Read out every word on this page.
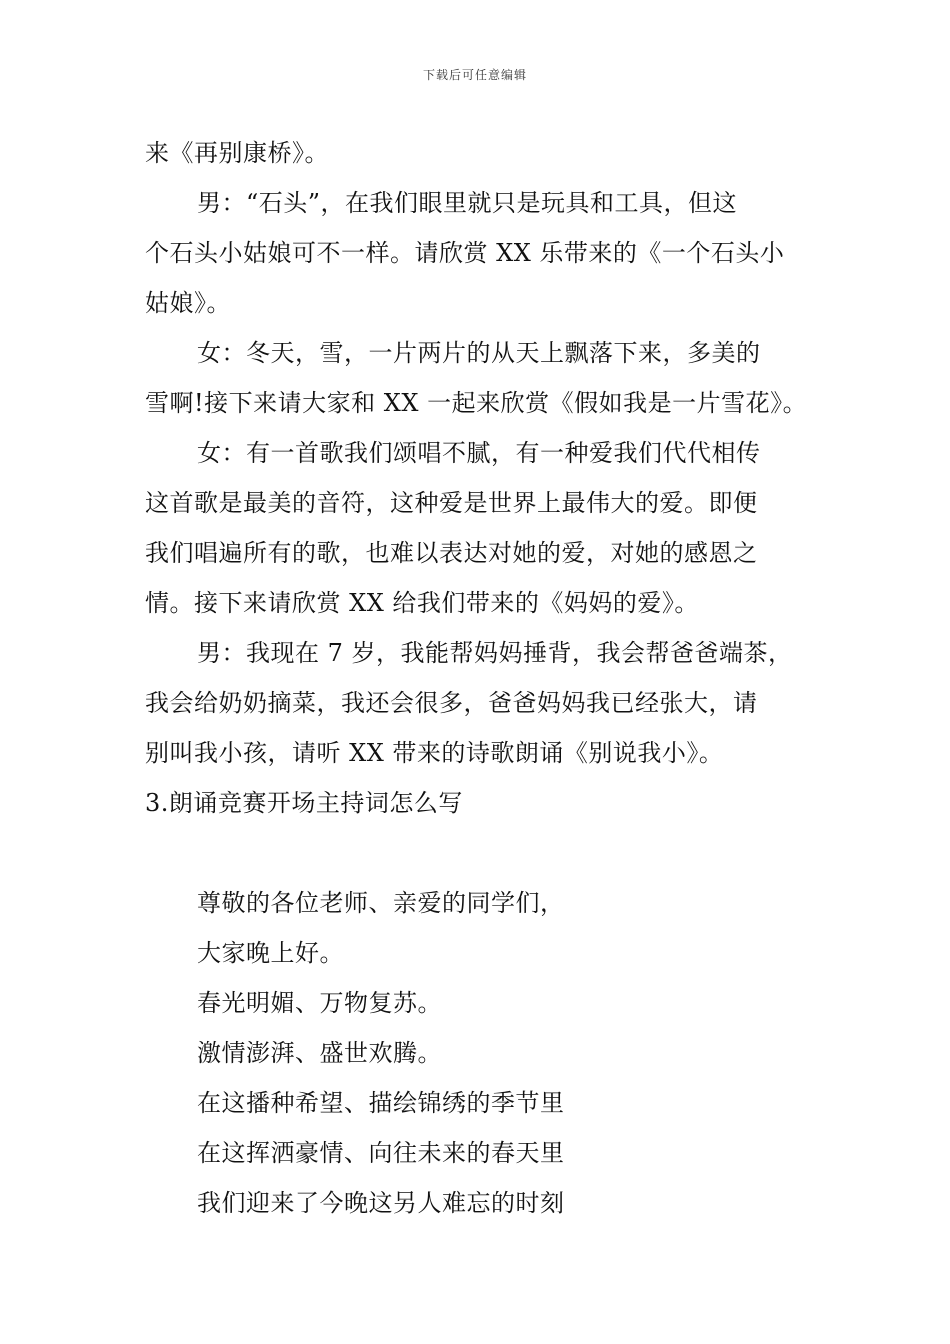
下载后可任意编辑
来《再别康桥》。
男：“石头”，在我们眼里就只是玩具和工具，但这
个石头小姑娘可不一样。请欣赏 XX 乐带来的《一个石头小
姑娘》。
女：冬天，雪，一片两片的从天上飘落下来，多美的
雪啊!接下来请大家和 XX 一起来欣赏《假如我是一片雪花》。
女：有一首歌我们颂唱不腻，有一种爱我们代代相传
这首歌是最美的音符，这种爱是世界上最伟大的爱。即便
我们唱遍所有的歌，也难以表达对她的爱，对她的感恩之
情。接下来请欣赏 XX 给我们带来的《妈妈的爱》。
男：我现在 7 岁，我能帮妈妈捶背，我会帮爸爸端茶，
我会给奶奶摘菜，我还会很多，爸爸妈妈我已经张大，请
别叫我小孩，请听 XX 带来的诗歌朗诵《别说我小》。
3.朗诵竞赛开场主持词怎么写
尊敬的各位老师、亲爱的同学们，
大家晚上好。
春光明媚、万物复苏。
激情澎湃、盛世欢腾。
在这播种希望、描绘锦绣的季节里
在这挥洒豪情、向往未来的春天里
我们迎来了今晚这另人难忘的时刻
